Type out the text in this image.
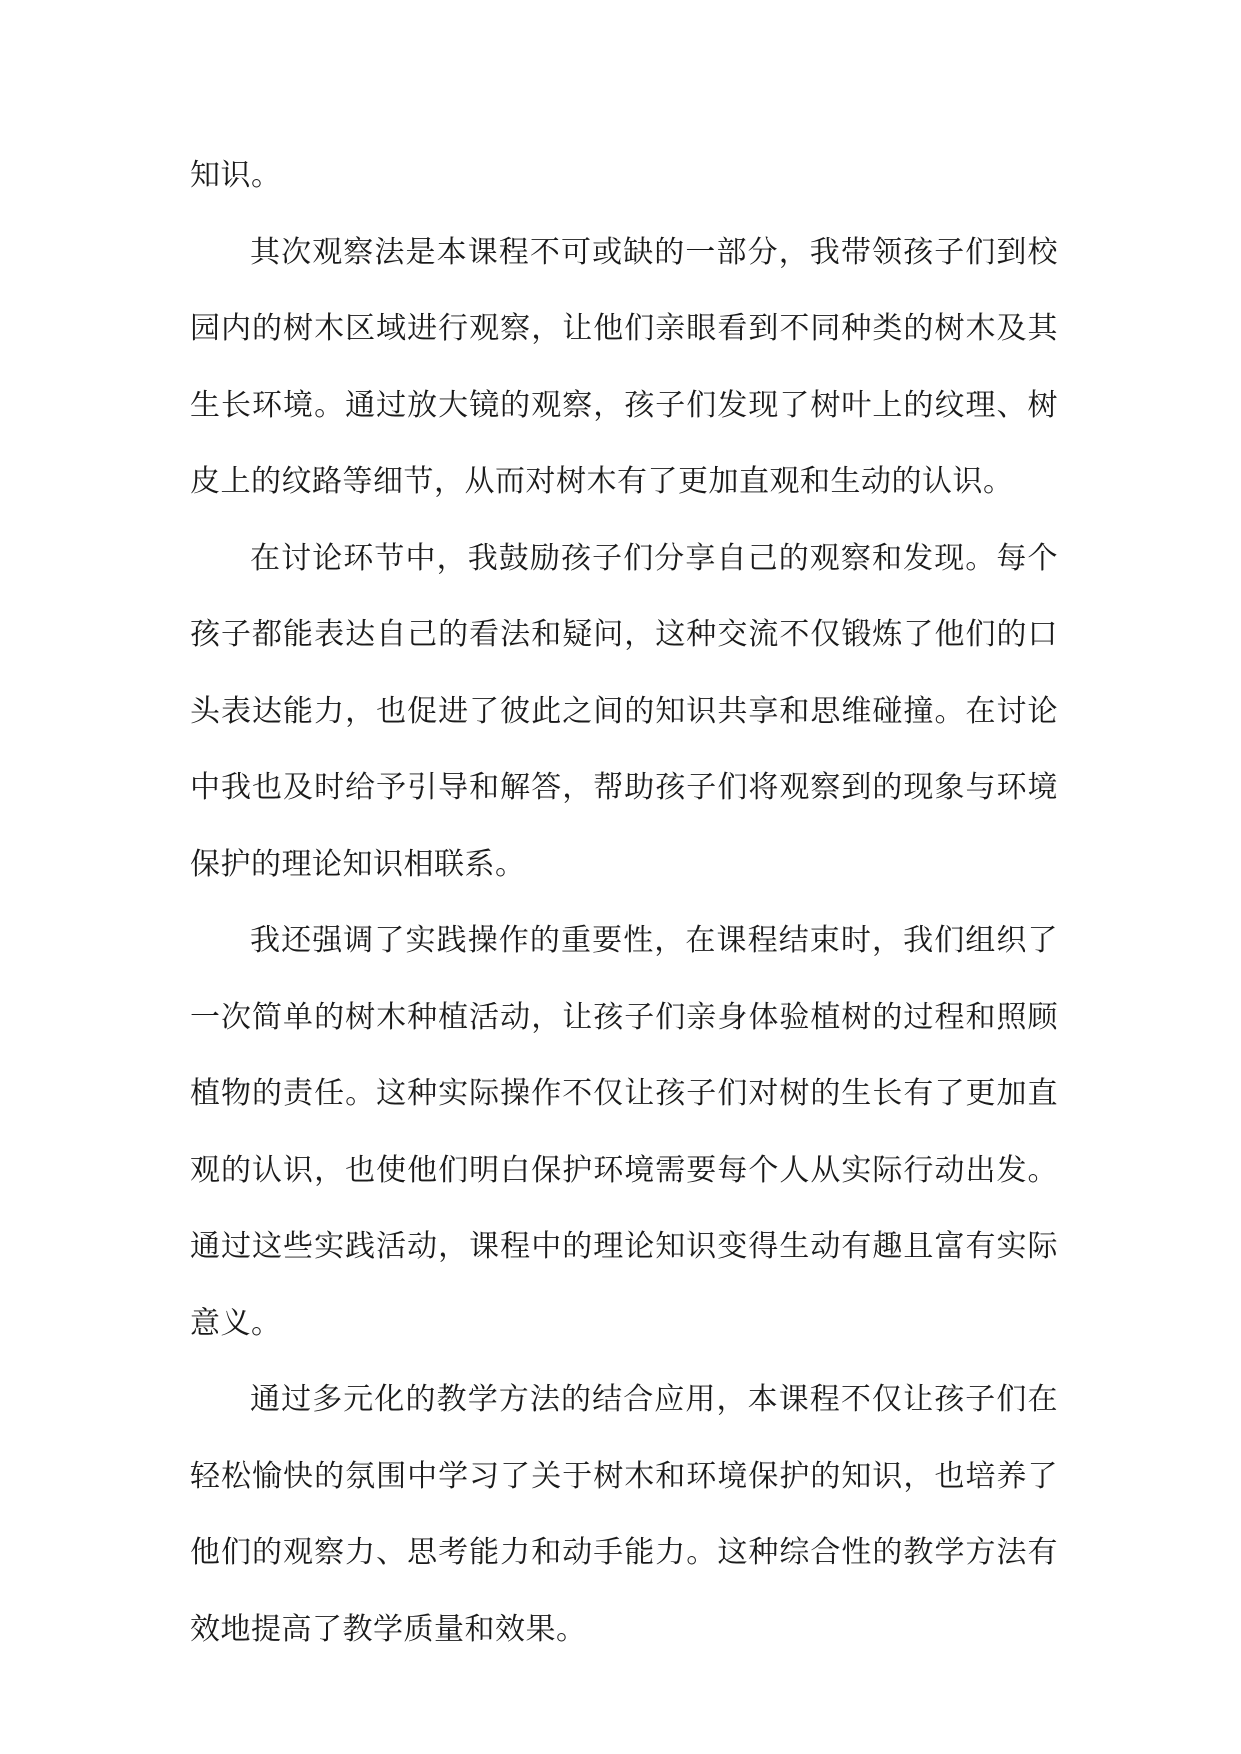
知识。

其次观察法是本课程不可或缺的一部分，我带领孩子们到校园内的树木区域进行观察，让他们亲眼看到不同种类的树木及其生长环境。通过放大镜的观察，孩子们发现了树叶上的纹理、树皮上的纹路等细节，从而对树木有了更加直观和生动的认识。

在讨论环节中，我鼓励孩子们分享自己的观察和发现。每个孩子都能表达自己的看法和疑问，这种交流不仅锻炼了他们的口头表达能力，也促进了彼此之间的知识共享和思维碰撞。在讨论中我也及时给予引导和解答，帮助孩子们将观察到的现象与环境保护的理论知识相联系。

我还强调了实践操作的重要性，在课程结束时，我们组织了一次简单的树木种植活动，让孩子们亲身体验植树的过程和照顾植物的责任。这种实际操作不仅让孩子们对树的生长有了更加直观的认识，也使他们明白保护环境需要每个人从实际行动出发。通过这些实践活动，课程中的理论知识变得生动有趣且富有实际意义。

通过多元化的教学方法的结合应用，本课程不仅让孩子们在轻松愉快的氛围中学习了关于树木和环境保护的知识，也培养了他们的观察力、思考能力和动手能力。这种综合性的教学方法有效地提高了教学质量和效果。
